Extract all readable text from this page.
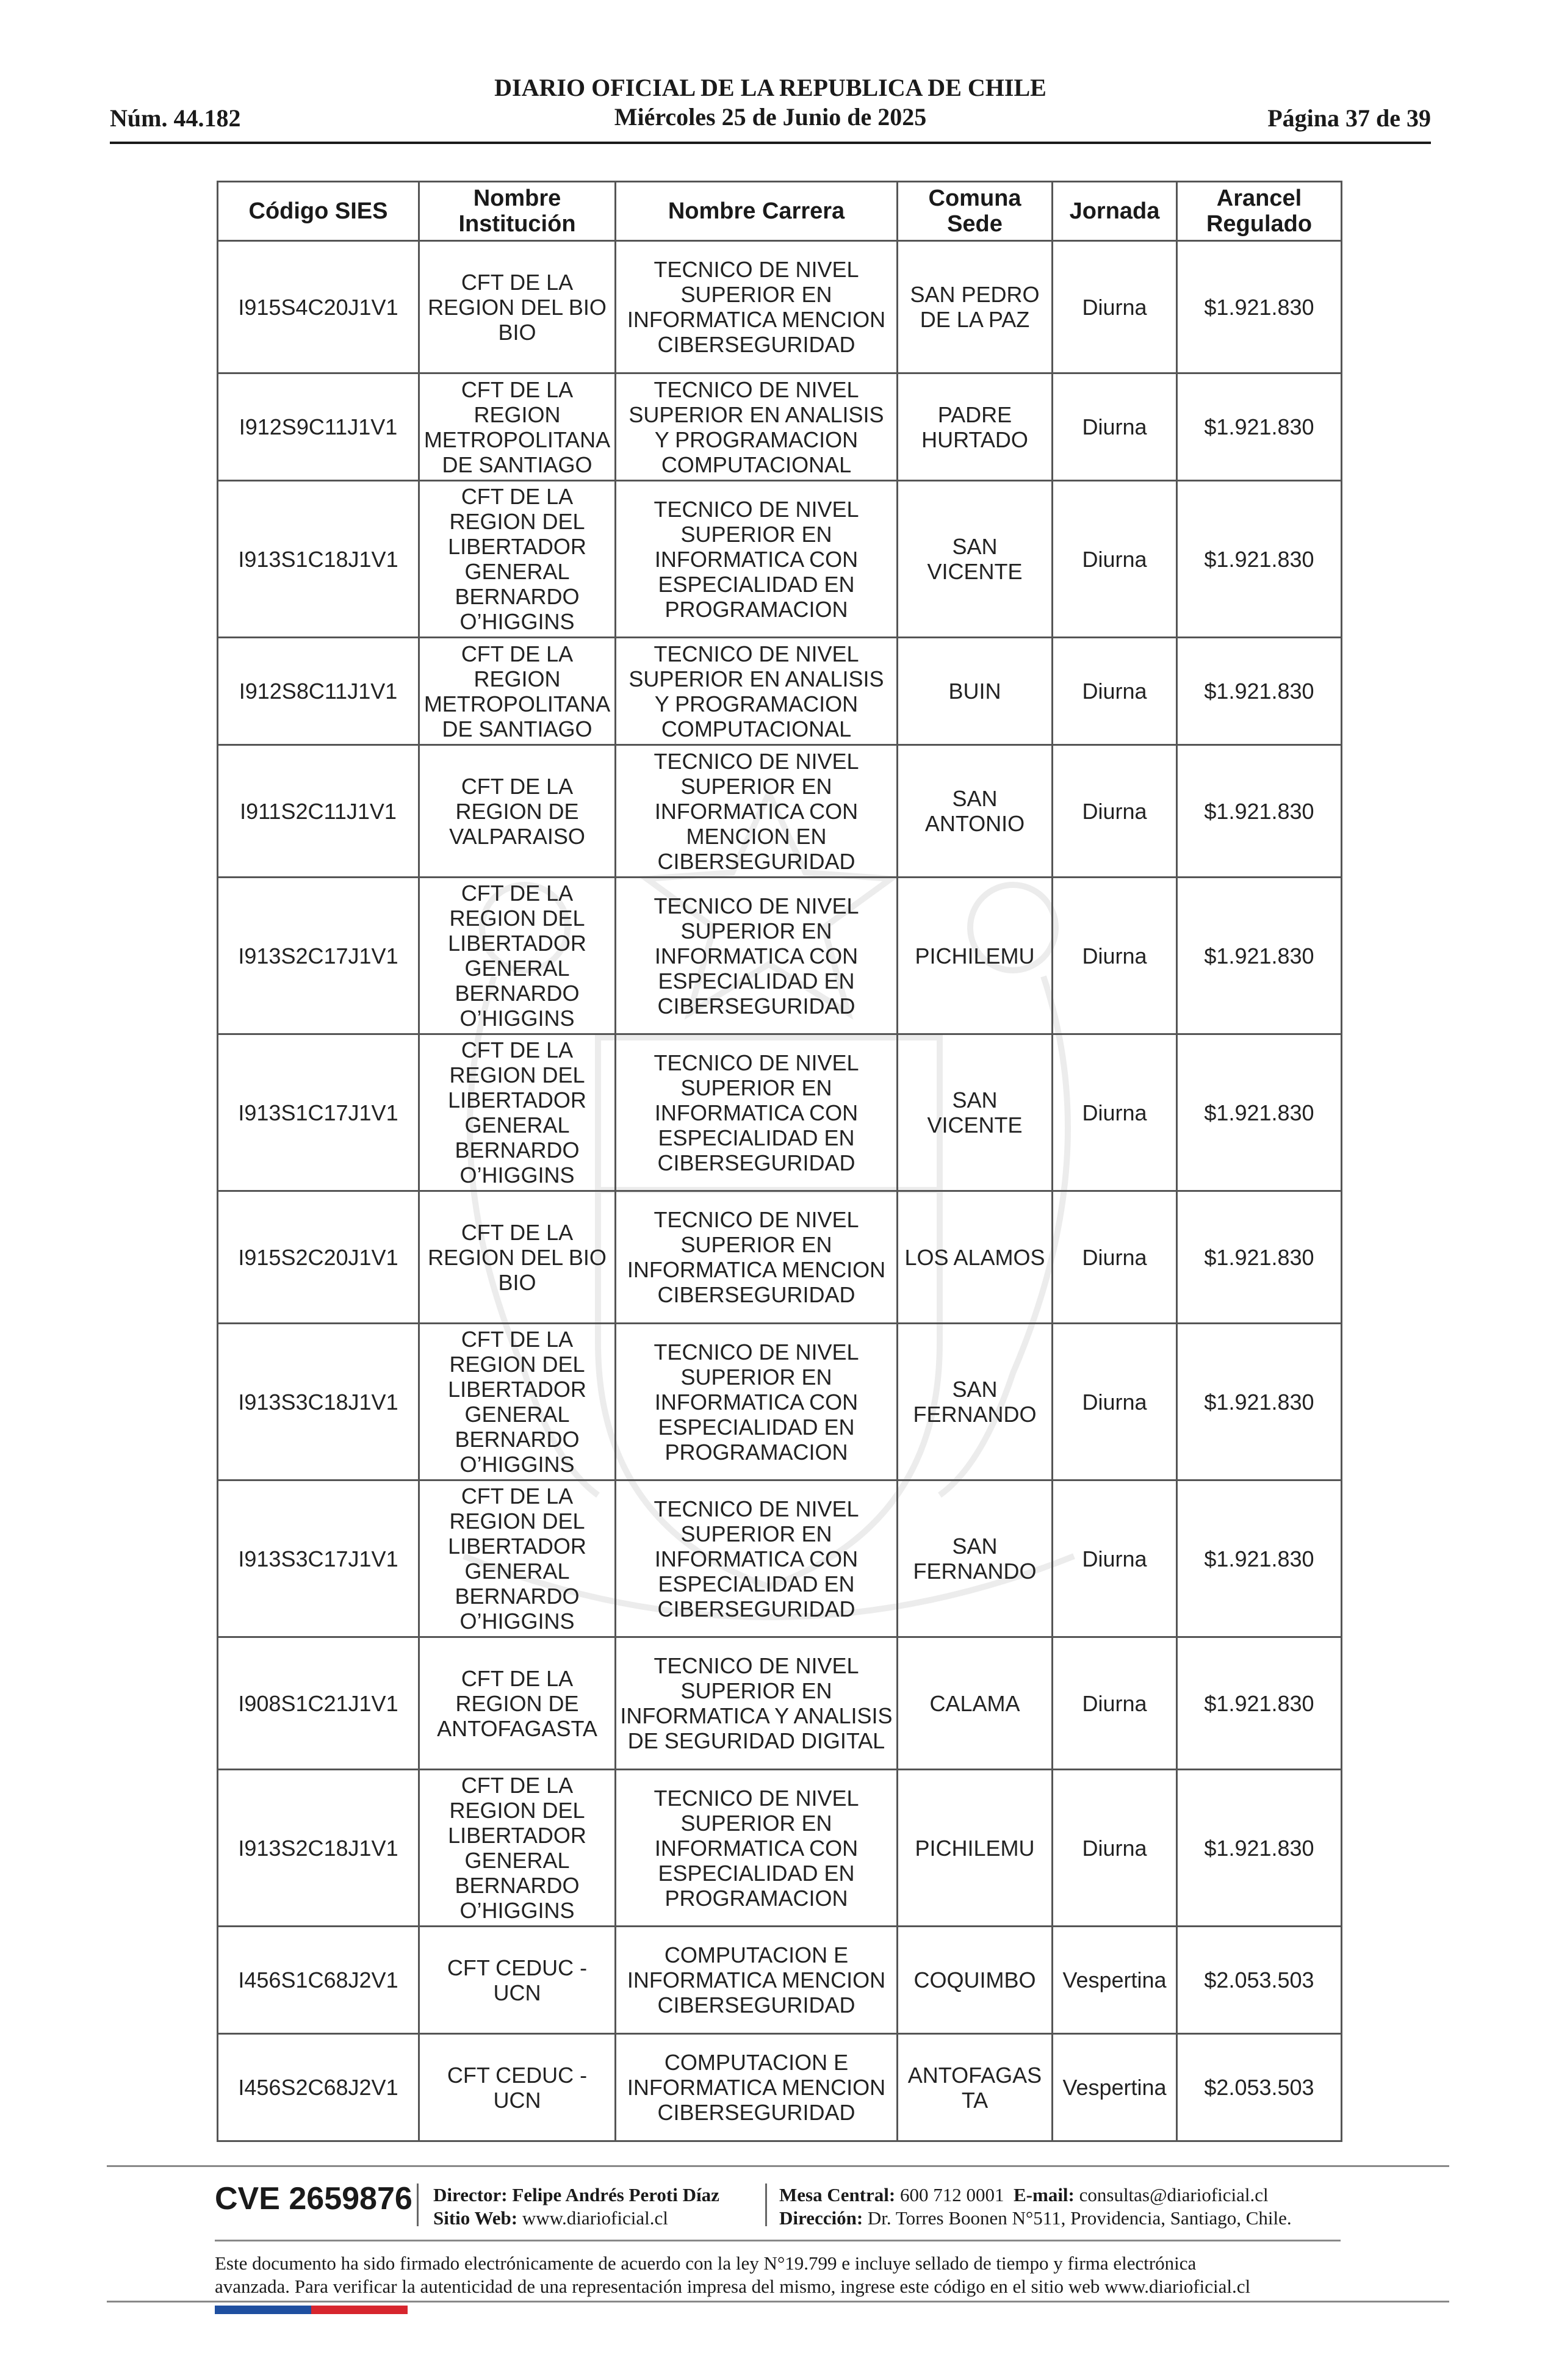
Núm. 44.182
DIARIO OFICIAL DE LA REPUBLICA DE CHILE
Miércoles 25 de Junio de 2025	Página 37 de 39
Código SIES	Nombre Institución	Nombre Carrera	Comuna Sede	Jornada	Arancel Regulado
I915S4C20J1V1	CFT DE LA REGION DEL BIO BIO	TECNICO DE NIVEL SUPERIOR EN INFORMATICA MENCION CIBERSEGURIDAD	SAN PEDRO DE LA PAZ	Diurna	$1.921.830
I912S9C11J1V1	CFT DE LA REGION METROPOLITANA DE SANTIAGO	TECNICO DE NIVEL SUPERIOR EN ANALISIS Y PROGRAMACION COMPUTACIONAL	PADRE HURTADO	Diurna	$1.921.830
I913S1C18J1V1	CFT DE LA REGION DEL LIBERTADOR GENERAL BERNARDO O’HIGGINS	TECNICO DE NIVEL SUPERIOR EN INFORMATICA CON ESPECIALIDAD EN PROGRAMACION	SAN VICENTE	Diurna	$1.921.830
I912S8C11J1V1	CFT DE LA REGION METROPOLITANA DE SANTIAGO	TECNICO DE NIVEL SUPERIOR EN ANALISIS Y PROGRAMACION COMPUTACIONAL	BUIN	Diurna	$1.921.830
I911S2C11J1V1	CFT DE LA REGION DE VALPARAISO	TECNICO DE NIVEL SUPERIOR EN INFORMATICA CON MENCION EN CIBERSEGURIDAD	SAN ANTONIO	Diurna	$1.921.830
I913S2C17J1V1	CFT DE LA REGION DEL LIBERTADOR GENERAL BERNARDO O’HIGGINS	TECNICO DE NIVEL SUPERIOR EN INFORMATICA CON ESPECIALIDAD EN CIBERSEGURIDAD	PICHILEMU	Diurna	$1.921.830
I913S1C17J1V1	CFT DE LA REGION DEL LIBERTADOR GENERAL BERNARDO O’HIGGINS	TECNICO DE NIVEL SUPERIOR EN INFORMATICA CON ESPECIALIDAD EN CIBERSEGURIDAD	SAN VICENTE	Diurna	$1.921.830
I915S2C20J1V1	CFT DE LA REGION DEL BIO BIO	TECNICO DE NIVEL SUPERIOR EN INFORMATICA MENCION CIBERSEGURIDAD	LOS ALAMOS	Diurna	$1.921.830
I913S3C18J1V1	CFT DE LA REGION DEL LIBERTADOR GENERAL BERNARDO O’HIGGINS	TECNICO DE NIVEL SUPERIOR EN INFORMATICA CON ESPECIALIDAD EN PROGRAMACION	SAN FERNANDO	Diurna	$1.921.830
I913S3C17J1V1	CFT DE LA REGION DEL LIBERTADOR GENERAL BERNARDO O’HIGGINS	TECNICO DE NIVEL SUPERIOR EN INFORMATICA CON ESPECIALIDAD EN CIBERSEGURIDAD	SAN FERNANDO	Diurna	$1.921.830
I908S1C21J1V1	CFT DE LA REGION DE ANTOFAGASTA	TECNICO DE NIVEL SUPERIOR EN INFORMATICA Y ANALISIS DE SEGURIDAD DIGITAL	CALAMA	Diurna	$1.921.830
I913S2C18J1V1	CFT DE LA REGION DEL LIBERTADOR GENERAL BERNARDO O’HIGGINS	TECNICO DE NIVEL SUPERIOR EN INFORMATICA CON ESPECIALIDAD EN PROGRAMACION	PICHILEMU	Diurna	$1.921.830
I456S1C68J2V1	CFT CEDUC - UCN	COMPUTACION E INFORMATICA MENCION CIBERSEGURIDAD	COQUIMBO	Vespertina	$2.053.503
I456S2C68J2V1	CFT CEDUC - UCN	COMPUTACION E INFORMATICA MENCION CIBERSEGURIDAD	ANTOFAGASTA	Vespertina	$2.053.503
CVE 2659876 Director: Felipe Andrés Peroti Díaz
Sitio Web: www.diarioficial.cl
Mesa Central: 600 712 0001 E-mail: consultas@diarioficial.cl
Dirección: Dr. Torres Boonen N°511, Providencia, Santiago, Chile.
Este documento ha sido firmado electrónicamente de acuerdo con la ley N°19.799 e incluye sellado de tiempo y firma electrónica
avanzada. Para verificar la autenticidad de una representación impresa del mismo, ingrese este código en el sitio web www.diarioficial.cl
